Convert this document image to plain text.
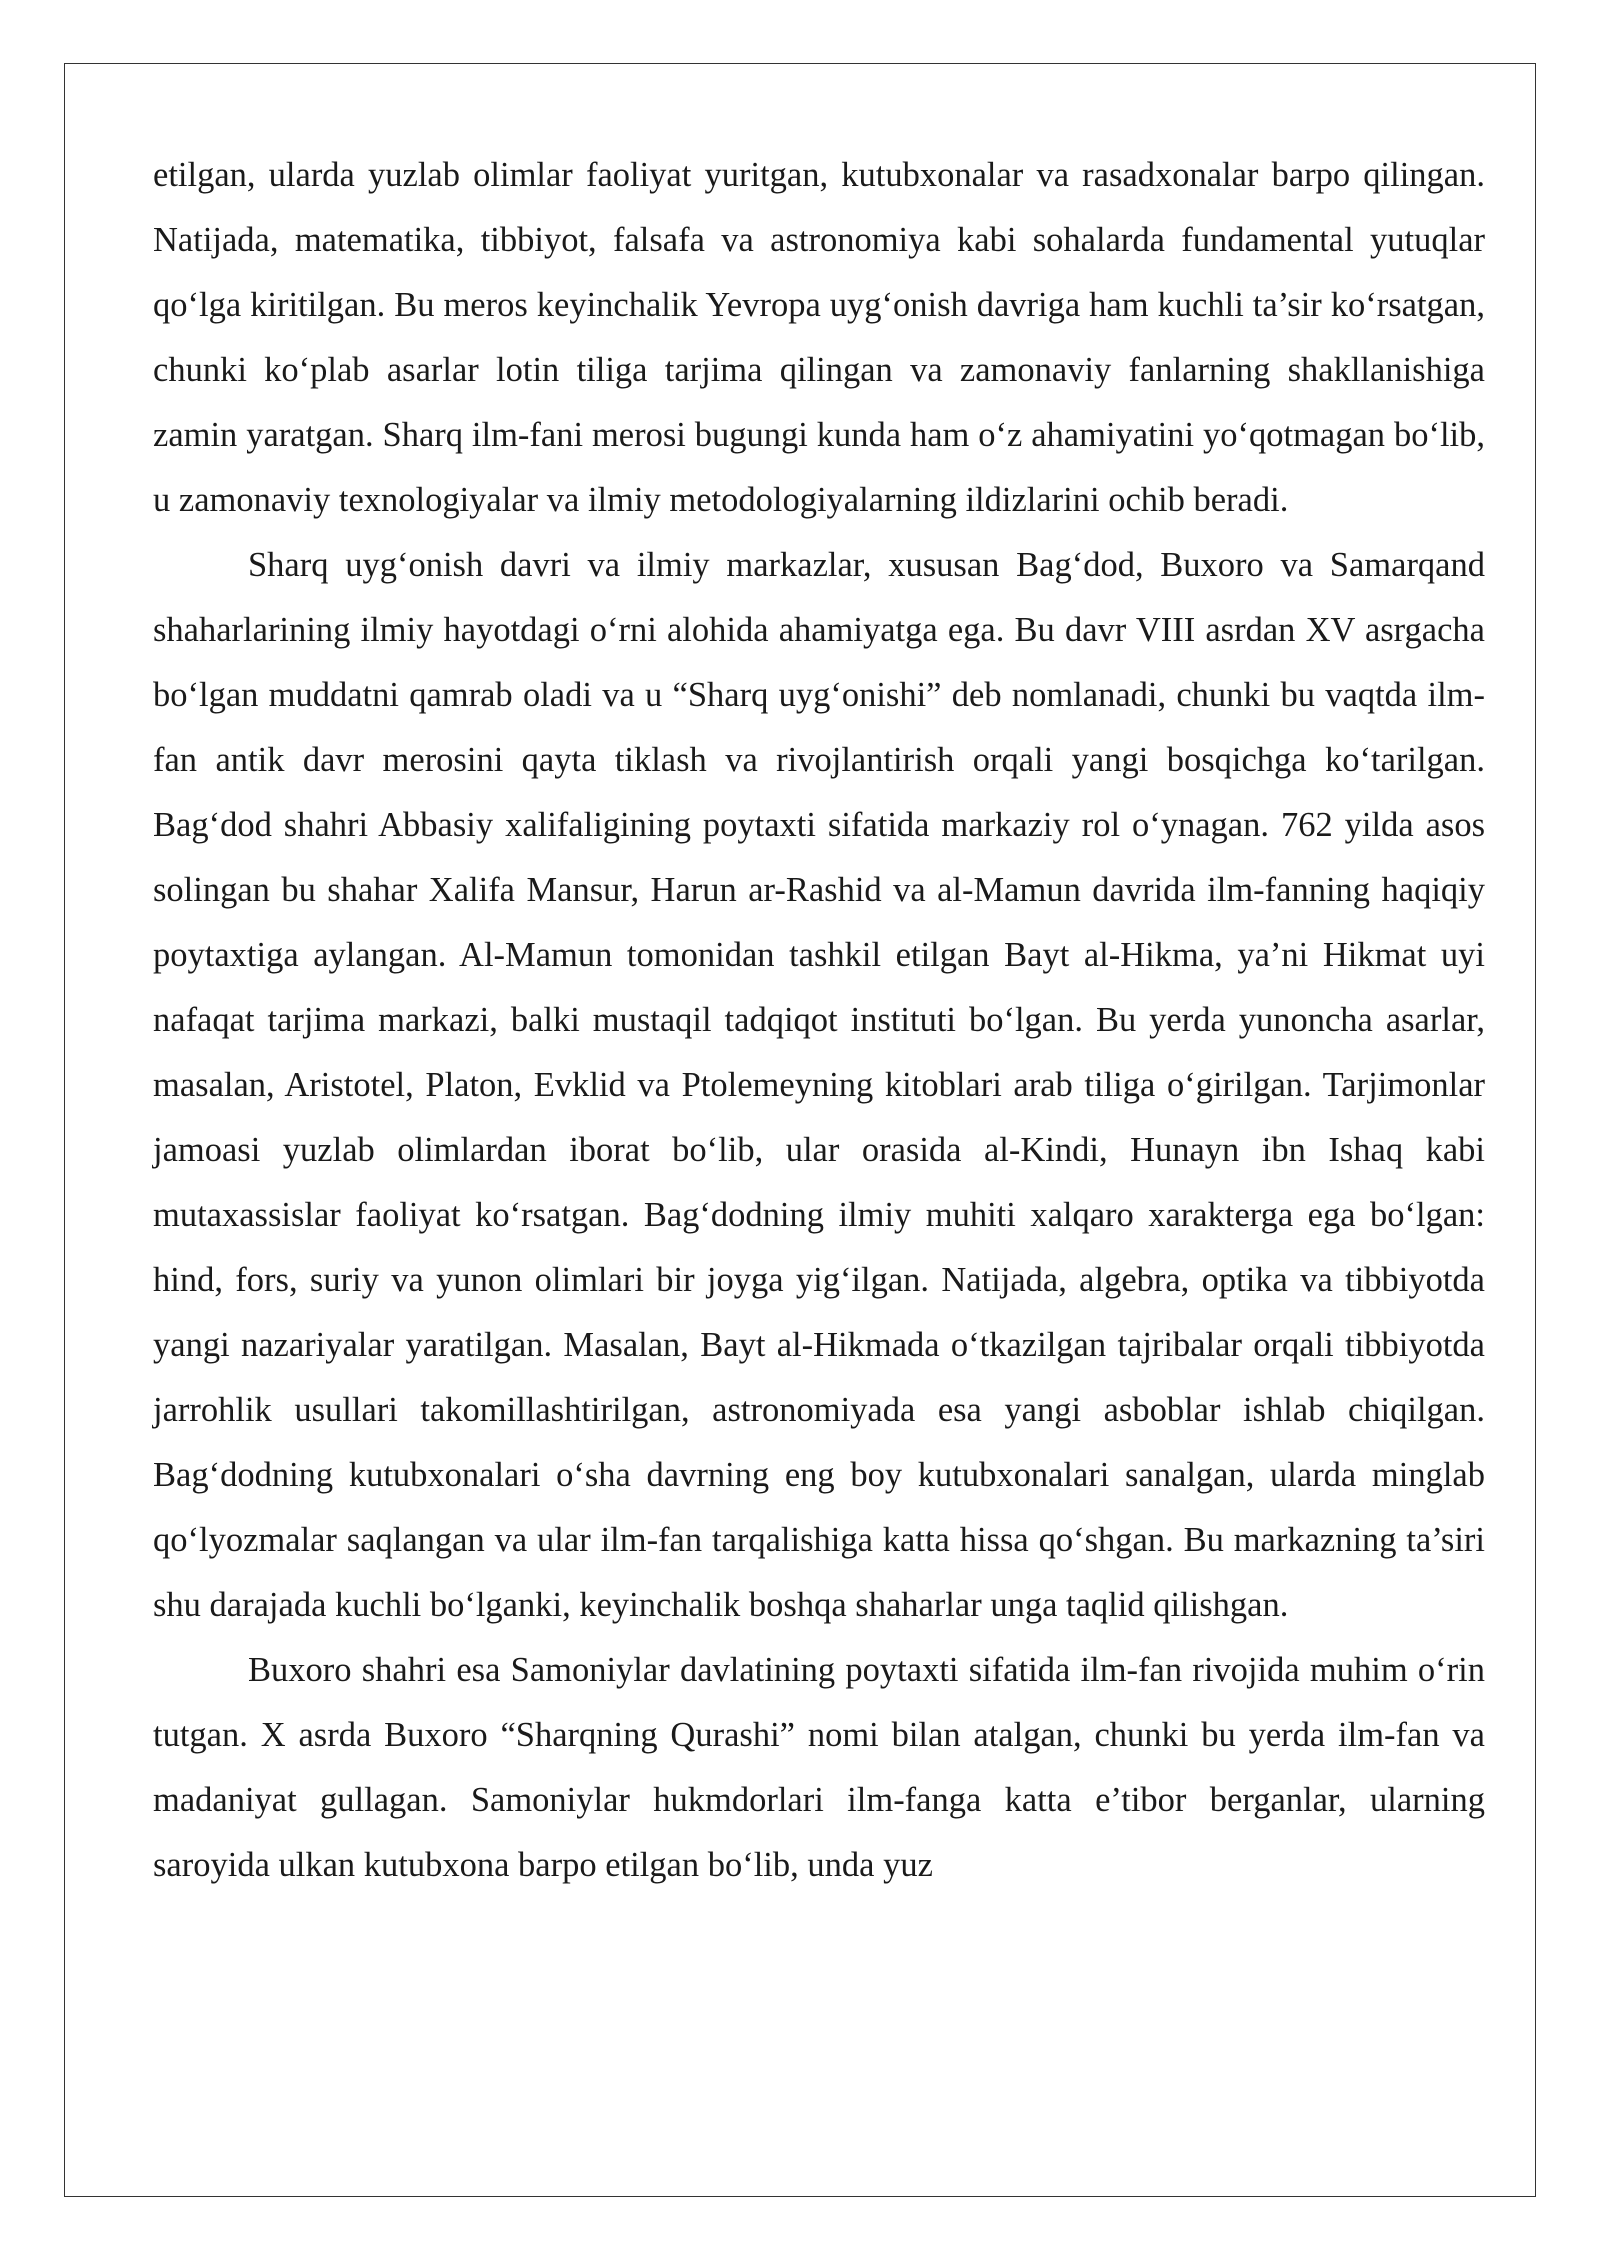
etilgan, ularda yuzlab olimlar faoliyat yuritgan, kutubxonalar va rasadxonalar barpo qilingan. Natijada, matematika, tibbiyot, falsafa va astronomiya kabi sohalarda fundamental yutuqlar qo‘lga kiritilgan. Bu meros keyinchalik Yevropa uyg‘onish davriga ham kuchli ta’sir ko‘rsatgan, chunki ko‘plab asarlar lotin tiliga tarjima qilingan va zamonaviy fanlarning shakllanishiga zamin yaratgan. Sharq ilm-fani merosi bugungi kunda ham o‘z ahamiyatini yo‘qotmagan bo‘lib, u zamonaviy texnologiyalar va ilmiy metodologiyalarning ildizlarini ochib beradi.

Sharq uyg‘onish davri va ilmiy markazlar, xususan Bag‘dod, Buxoro va Samarqand shaharlarining ilmiy hayotdagi o‘rni alohida ahamiyatga ega. Bu davr VIII asrdan XV asrgacha bo‘lgan muddatni qamrab oladi va u “Sharq uyg‘onishi” deb nomlanadi, chunki bu vaqtda ilm-fan antik davr merosini qayta tiklash va rivojlantirish orqali yangi bosqichga ko‘tarilgan. Bag‘dod shahri Abbasiy xalifaligining poytaxti sifatida markaziy rol o‘ynagan. 762 yilda asos solingan bu shahar Xalifa Mansur, Harun ar-Rashid va al-Mamun davrida ilm-fanning haqiqiy poytaxtiga aylangan. Al-Mamun tomonidan tashkil etilgan Bayt al-Hikma, ya’ni Hikmat uyi nafaqat tarjima markazi, balki mustaqil tadqiqot instituti bo‘lgan. Bu yerda yunoncha asarlar, masalan, Aristotel, Platon, Evklid va Ptolemeyning kitoblari arab tiliga o‘girilgan. Tarjimonlar jamoasi yuzlab olimlardan iborat bo‘lib, ular orasida al-Kindi, Hunayn ibn Ishaq kabi mutaxassislar faoliyat ko‘rsatgan. Bag‘dodning ilmiy muhiti xalqaro xarakterga ega bo‘lgan: hind, fors, suriy va yunon olimlari bir joyga yig‘ilgan. Natijada, algebra, optika va tibbiyotda yangi nazariyalar yaratilgan. Masalan, Bayt al-Hikmada o‘tkazilgan tajribalar orqali tibbiyotda jarrohlik usullari takomillashtirilgan, astronomiyada esa yangi asboblar ishlab chiqilgan. Bag‘dodning kutubxonalari o‘sha davrning eng boy kutubxonalari sanalgan, ularda minglab qo‘lyozmalar saqlangan va ular ilm-fan tarqalishiga katta hissa qo‘shgan. Bu markazning ta’siri shu darajada kuchli bo‘lganki, keyinchalik boshqa shaharlar unga taqlid qilishgan.

Buxoro shahri esa Samoniylar davlatining poytaxti sifatida ilm-fan rivojida muhim o‘rin tutgan. X asrda Buxoro “Sharqning Qurashi” nomi bilan atalgan, chunki bu yerda ilm-fan va madaniyat gullagan. Samoniylar hukmdorlari ilm-fanga katta e’tibor berganlar, ularning saroyida ulkan kutubxona barpo etilgan bo‘lib, unda yuz
